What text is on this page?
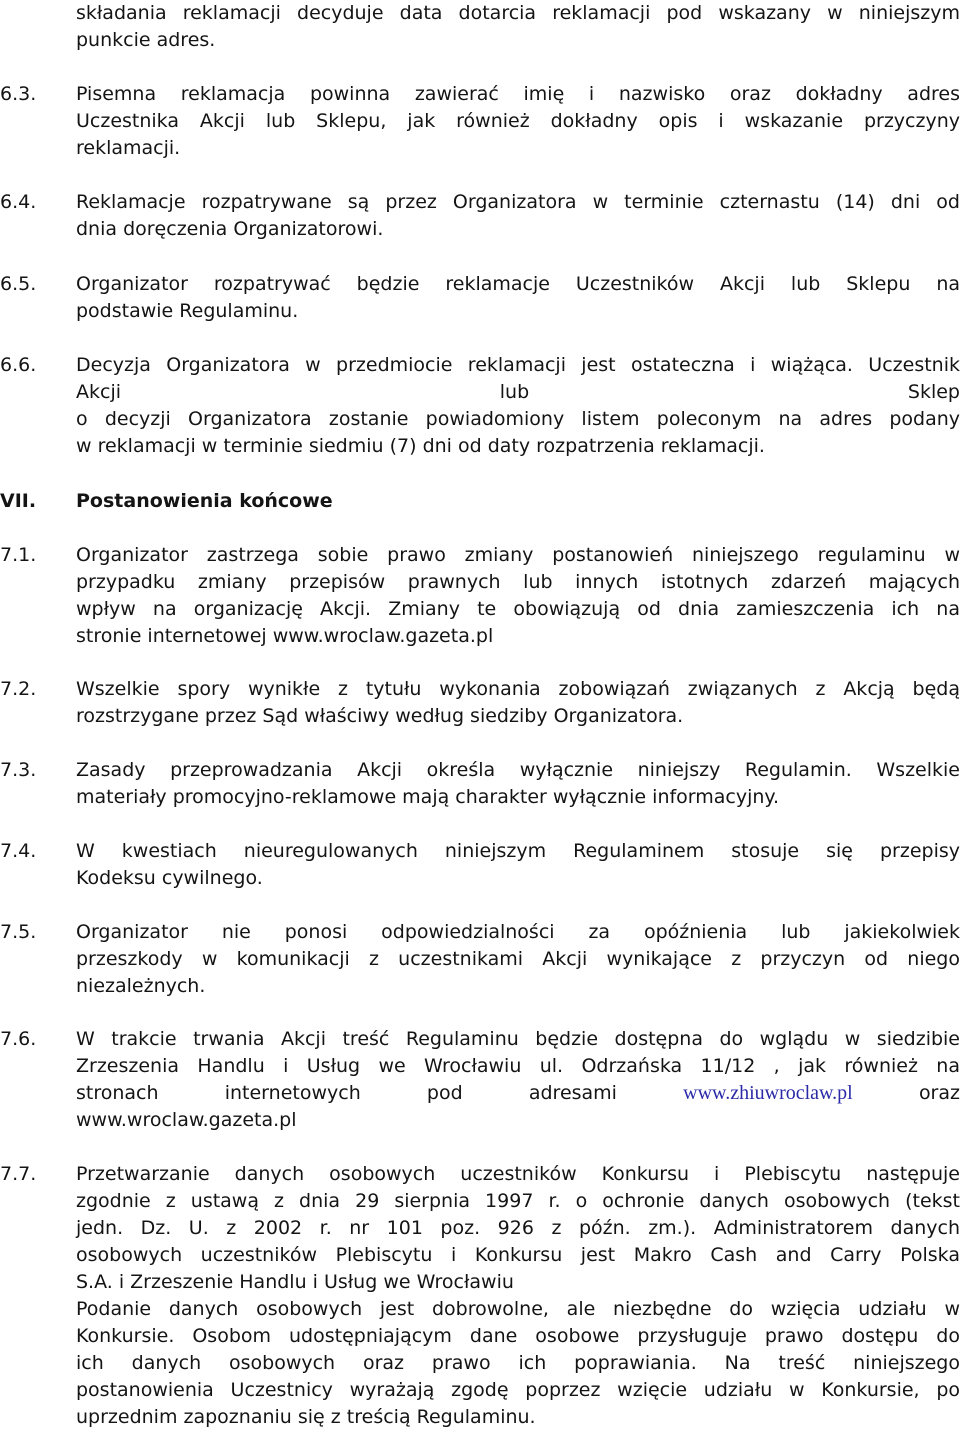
składania reklamacji decyduje data dotarcia reklamacji pod wskazany w niniejszym
punkcie adres.
6.3.	Pisemna reklamacja powinna zawierać imię i nazwisko oraz dokładny adres
Uczestnika Akcji lub Sklepu, jak również dokładny opis i wskazanie przyczyny
reklamacji.
6.4.	Reklamacje rozpatrywane są przez Organizatora w terminie czternastu (14) dni od
dnia doręczenia Organizatorowi.
6.5.	Organizator rozpatrywać będzie reklamacje Uczestników Akcji lub Sklepu na
podstawie Regulaminu.
6.6.	Decyzja Organizatora w przedmiocie reklamacji jest ostateczna i wiążąca. Uczestnik
Akcji lub Sklep
o decyzji Organizatora zostanie powiadomiony listem poleconym na adres podany
w reklamacji w terminie siedmiu (7) dni od daty rozpatrzenia reklamacji.
VII.	Postanowienia końcowe
7.1.	Organizator zastrzega sobie prawo zmiany postanowień niniejszego regulaminu w
przypadku zmiany przepisów prawnych lub innych istotnych zdarzeń mających
wpływ na organizację Akcji. Zmiany te obowiązują od dnia zamieszczenia ich na
stronie internetowej www.wroclaw.gazeta.pl
7.2.	Wszelkie spory wynikłe z tytułu wykonania zobowiązań związanych z Akcją będą
rozstrzygane przez Sąd właściwy według siedziby Organizatora.
7.3.	Zasady przeprowadzania Akcji określa wyłącznie niniejszy Regulamin. Wszelkie
materiały promocyjno-reklamowe mają charakter wyłącznie informacyjny.
7.4.	W kwestiach nieuregulowanych niniejszym Regulaminem stosuje się przepisy
Kodeksu cywilnego.
7.5.	Organizator nie ponosi odpowiedzialności za opóźnienia lub jakiekolwiek
przeszkody w komunikacji z uczestnikami Akcji wynikające z przyczyn od niego
niezależnych.
7.6.	W trakcie trwania Akcji treść Regulaminu będzie dostępna do wglądu w siedzibie
Zrzeszenia Handlu i Usług we Wrocławiu ul. Odrzańska 11/12 , jak również na
stronach internetowych pod adresami	www.zhiuwroclaw.pl	oraz
www.wroclaw.gazeta.pl
7.7.	Przetwarzanie danych osobowych uczestników Konkursu i Plebiscytu następuje
zgodnie z ustawą z dnia 29 sierpnia 1997 r. o ochronie danych osobowych (tekst
jedn. Dz. U. z 2002 r. nr 101 poz. 926 z późn. zm.). Administratorem danych
osobowych uczestników Plebiscytu i Konkursu jest Makro Cash and Carry Polska
S.A. i Zrzeszenie Handlu i Usług we Wrocławiu
Podanie danych osobowych jest dobrowolne, ale niezbędne do wzięcia udziału w
Konkursie. Osobom udostępniającym dane osobowe przysługuje prawo dostępu do
ich danych osobowych oraz prawo ich poprawiania. Na treść niniejszego
postanowienia Uczestnicy wyrażają zgodę poprzez wzięcie udziału w Konkursie, po
uprzednim zapoznaniu się z treścią Regulaminu.
